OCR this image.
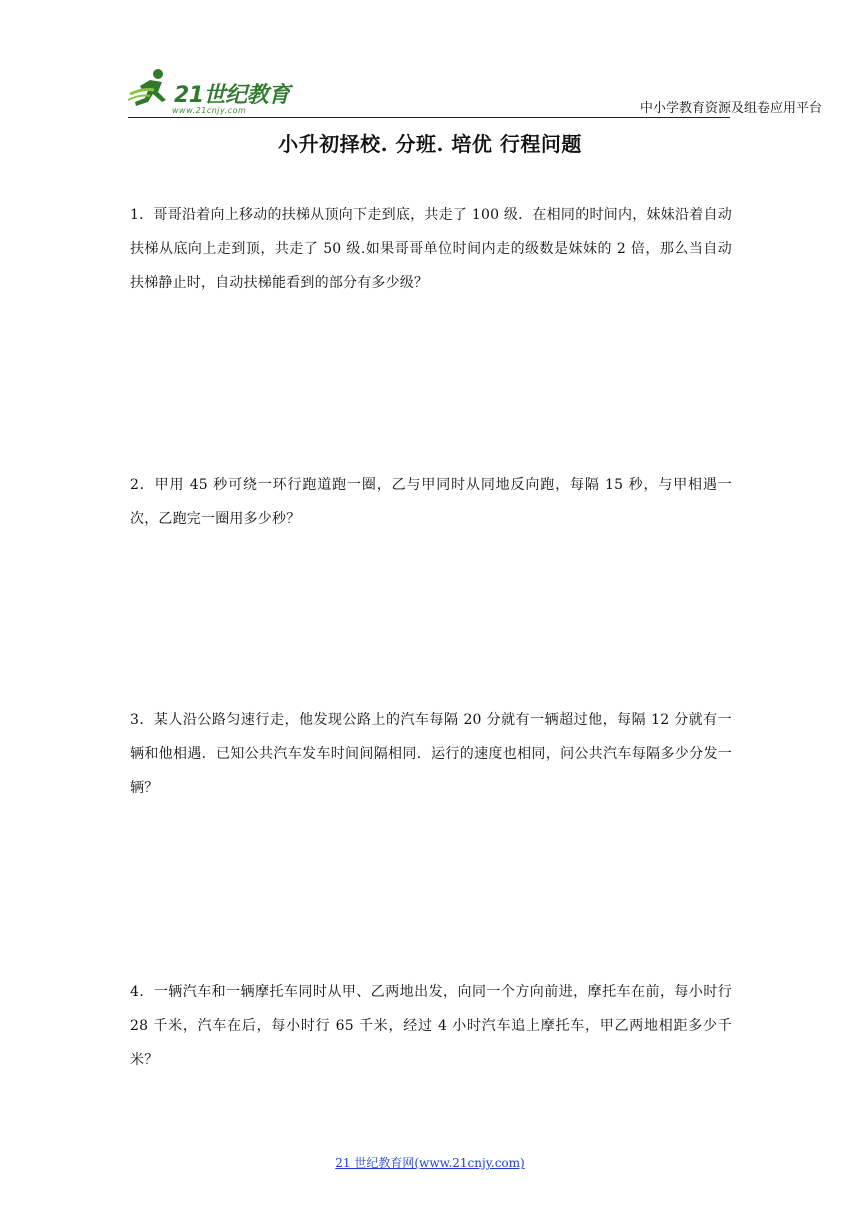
21世纪教育
www.21cnjy.com	中小学教育资源及组卷应用平台
小升初择校. 分班. 培优 行程问题
1．哥哥沿着向上移动的扶梯从顶向下走到底，共走了 100 级．在相同的时间内，妹妹沿着自动扶梯从底向上走到顶，共走了 50 级.如果哥哥单位时间内走的级数是妹妹的 2 倍，那么当自动扶梯静止时，自动扶梯能看到的部分有多少级？
2．甲用 45 秒可绕一环行跑道跑一圈，乙与甲同时从同地反向跑，每隔 15 秒，与甲相遇一次，乙跑完一圈用多少秒？
3．某人沿公路匀速行走，他发现公路上的汽车每隔 20 分就有一辆超过他，每隔 12 分就有一辆和他相遇．已知公共汽车发车时间间隔相同．运行的速度也相同，问公共汽车每隔多少分发一辆？
4．一辆汽车和一辆摩托车同时从甲、乙两地出发，向同一个方向前进，摩托车在前，每小时行 28 千米，汽车在后，每小时行 65 千米，经过 4 小时汽车追上摩托车，甲乙两地相距多少千米？
21 世纪教育网(www.21cnjy.com)
